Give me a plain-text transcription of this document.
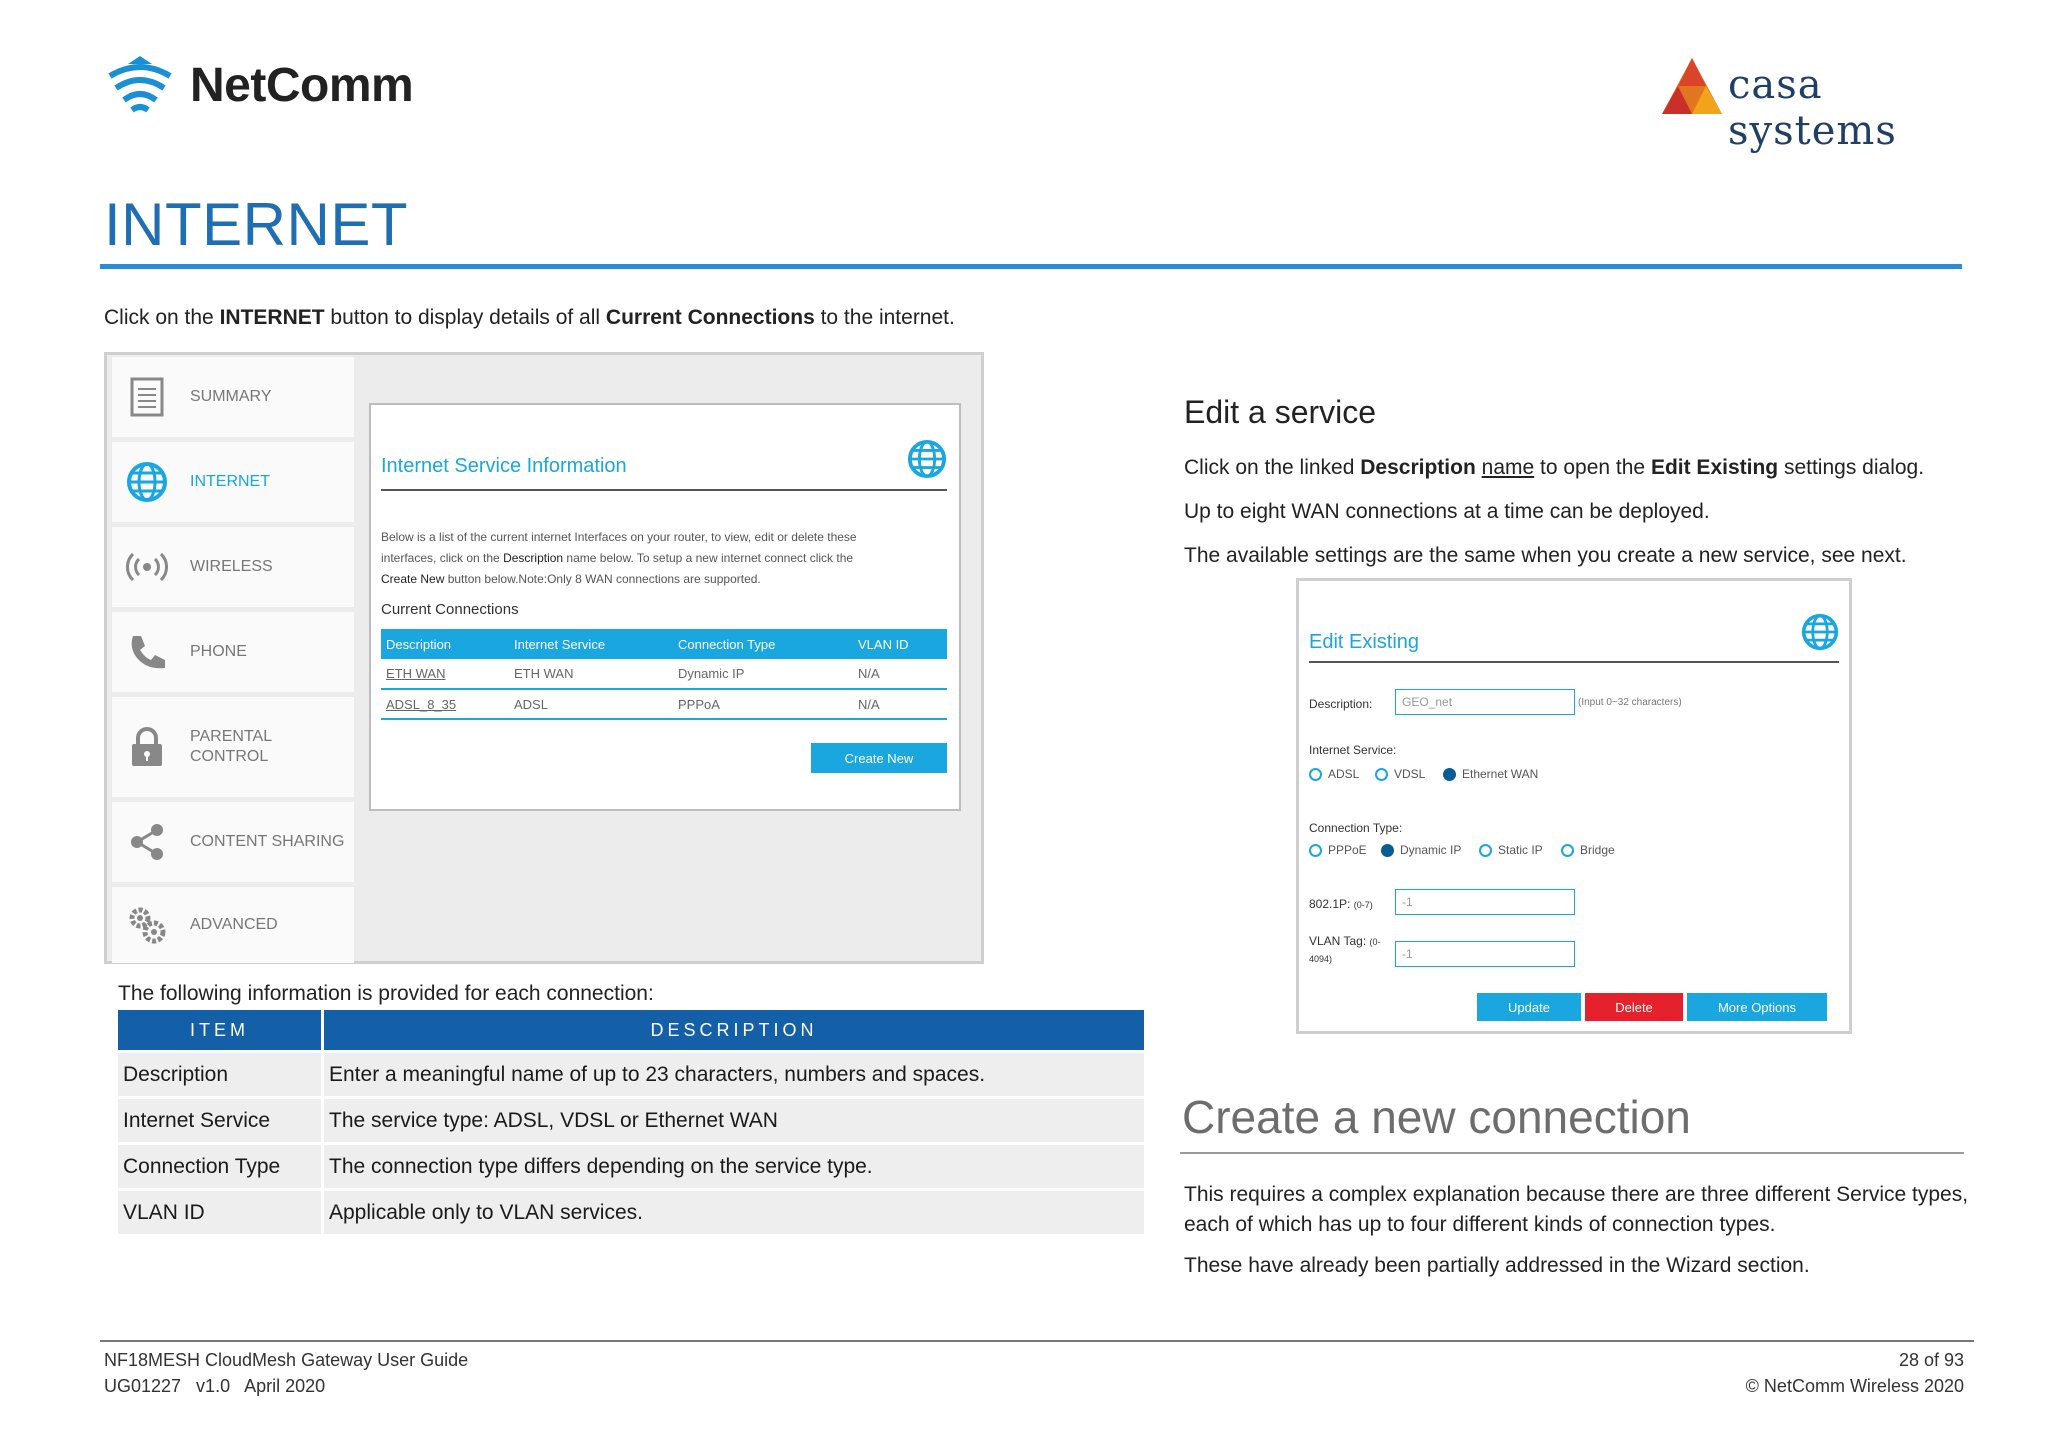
NetComm	casa systems
INTERNET

Click on the INTERNET button to display details of all Current Connections to the internet.

SUMMARY
INTERNET
WIRELESS
PHONE
PARENTAL
CONTROL
CONTENT SHARING
ADVANCED
Internet Service Information
Below is a list of the current internet Interfaces on your router, to view, edit or delete these
interfaces, click on the Description name below. To setup a new internet connect click the
Create New button below.Note:Only 8 WAN connections are supported.
Current Connections
Description	Internet Service	Connection Type	VLAN ID
ETH WAN	ETH WAN	Dynamic IP	N/A
ADSL_8_35	ADSL	PPPoA	N/A
Create New

The following information is provided for each connection:

ITEM	DESCRIPTION
Description	Enter a meaningful name of up to 23 characters, numbers and spaces.
Internet Service	The service type: ADSL, VDSL or Ethernet WAN
Connection Type	The connection type differs depending on the service type.
VLAN ID	Applicable only to VLAN services.
Edit a service

Click on the linked Description name to open the Edit Existing settings dialog.

Up to eight WAN connections at a time can be deployed.

The available settings are the same when you create a new service, see next.

Edit Existing
Description:	GEO_net	(Input 0~32 characters)
Internet Service:
ADSL	VDSL	Ethernet WAN
Connection Type:
PPPoE	Dynamic IP	Static IP	Bridge
802.1P: (0-7)	-1
VLAN Tag: (0-
4094)	-1
Update	Delete	More Options
Create a new connection

This requires a complex explanation because there are three different Service types,
each of which has up to four different kinds of connection types.

These have already been partially addressed in the Wizard section.

NF18MESH CloudMesh Gateway User Guide
UG01227   v1.0   April 2020
28 of 93
© NetComm Wireless 2020
